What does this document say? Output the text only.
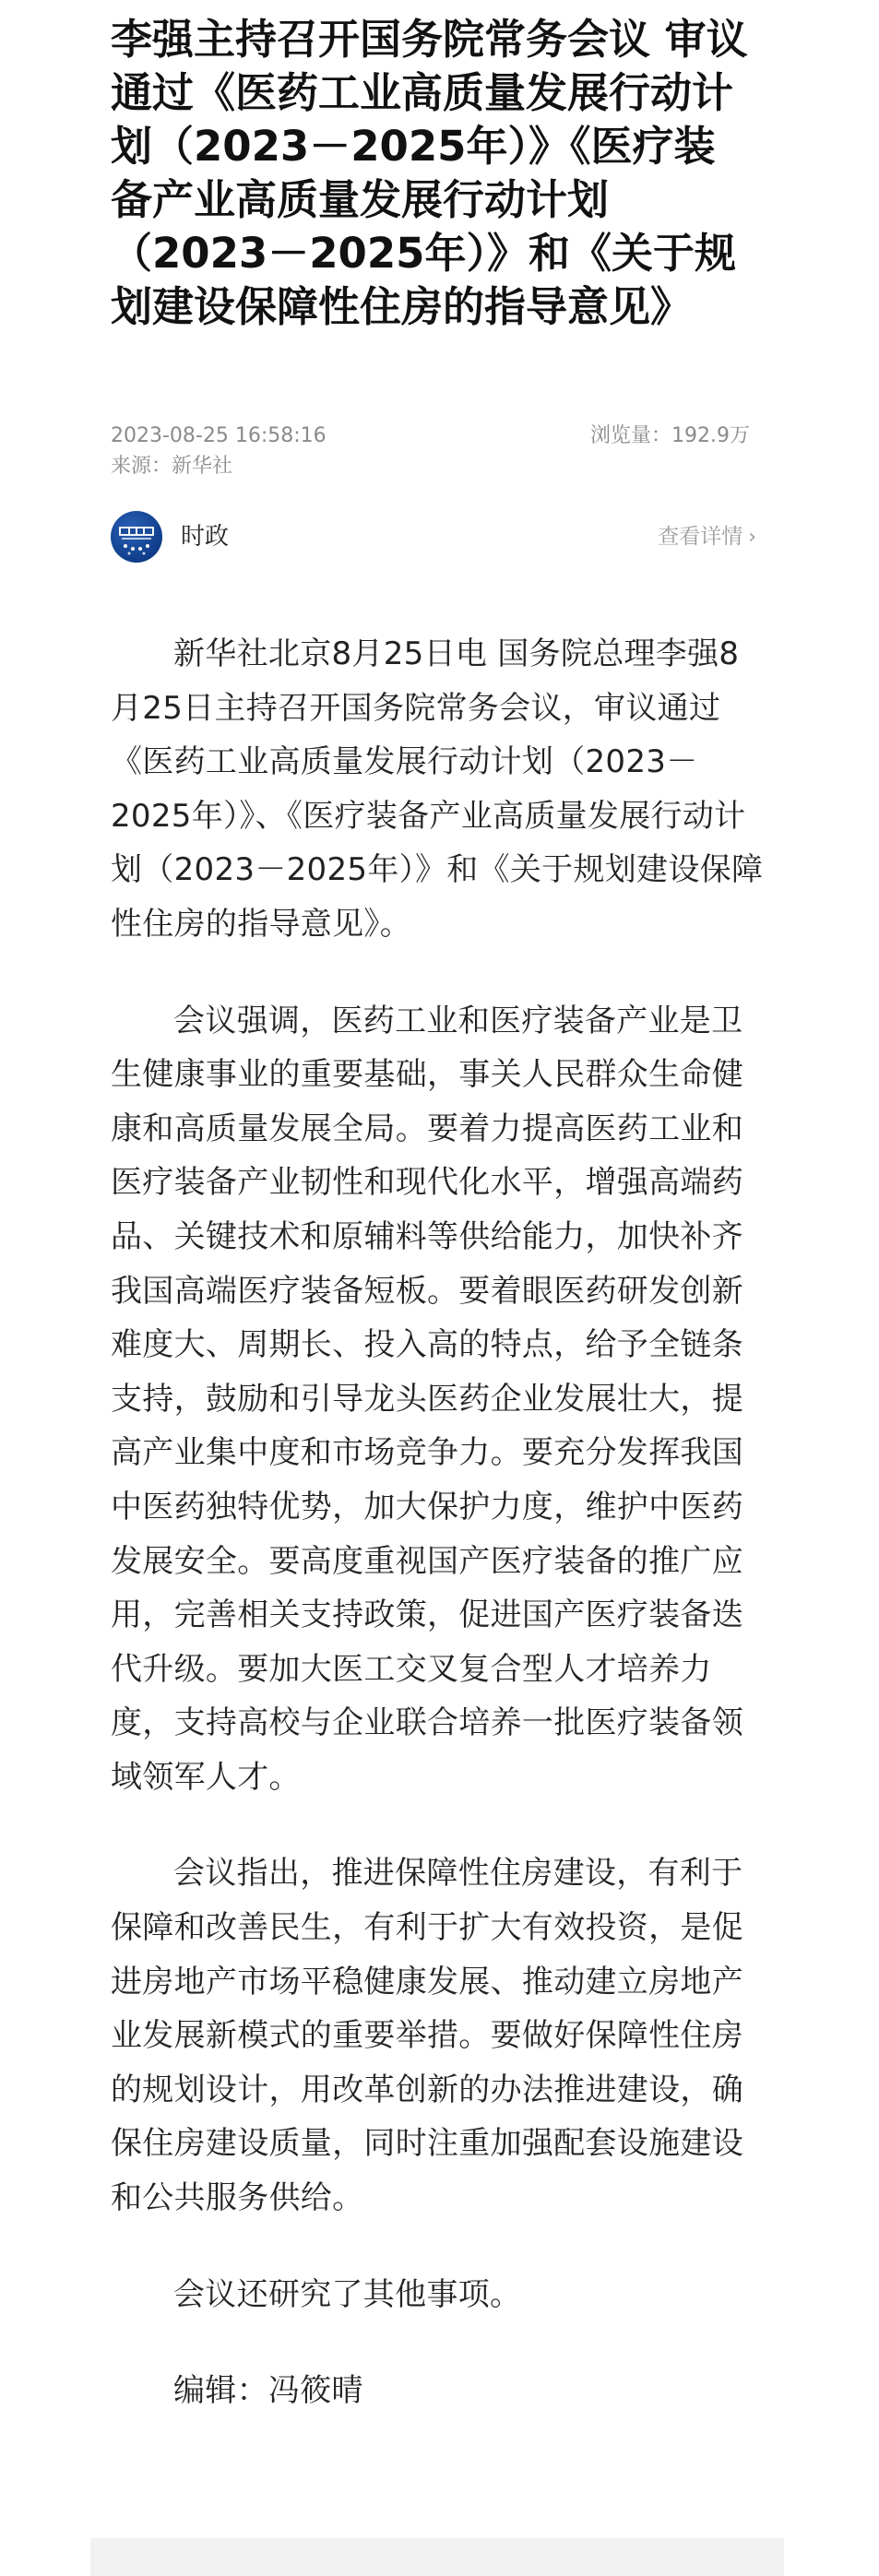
李强主持召开国务院常务会议 审议通过《医药工业高质量发展行动计划（2023－2025年）》《医疗装备产业高质量发展行动计划（2023－2025年）》和《关于规划建设保障性住房的指导意见》
2023-08-25 16:58:16
来源：新华社
浏览量：192.9万
时政	查看详情 ›

新华社北京8月25日电 国务院总理李强8月25日主持召开国务院常务会议，审议通过《医药工业高质量发展行动计划（2023－2025年）》、《医疗装备产业高质量发展行动计划（2023－2025年）》和《关于规划建设保障性住房的指导意见》。

会议强调，医药工业和医疗装备产业是卫生健康事业的重要基础，事关人民群众生命健康和高质量发展全局。要着力提高医药工业和医疗装备产业韧性和现代化水平，增强高端药品、关键技术和原辅料等供给能力，加快补齐我国高端医疗装备短板。要着眼医药研发创新难度大、周期长、投入高的特点，给予全链条支持，鼓励和引导龙头医药企业发展壮大，提高产业集中度和市场竞争力。要充分发挥我国中医药独特优势，加大保护力度，维护中医药发展安全。要高度重视国产医疗装备的推广应用，完善相关支持政策，促进国产医疗装备迭代升级。要加大医工交叉复合型人才培养力度，支持高校与企业联合培养一批医疗装备领域领军人才。

会议指出，推进保障性住房建设，有利于保障和改善民生，有利于扩大有效投资，是促进房地产市场平稳健康发展、推动建立房地产业发展新模式的重要举措。要做好保障性住房的规划设计，用改革创新的办法推进建设，确保住房建设质量，同时注重加强配套设施建设和公共服务供给。

会议还研究了其他事项。

编辑：冯筱晴
